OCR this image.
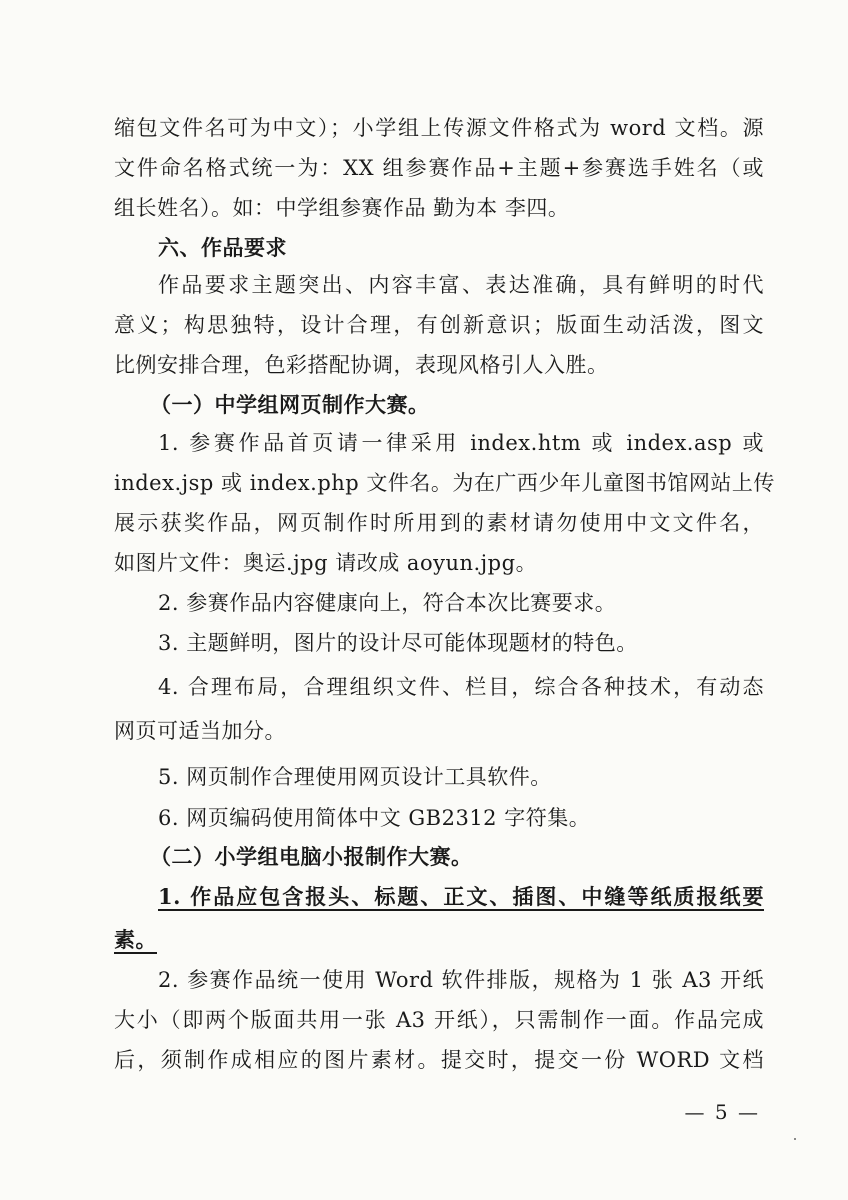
缩包文件名可为中文）；小学组上传源文件格式为 word 文档。源
文件命名格式统一为：XX 组参赛作品+主题+参赛选手姓名（或
组长姓名）。如：中学组参赛作品 勤为本 李四。
六、作品要求
作品要求主题突出、内容丰富、表达准确，具有鲜明的时代
意义；构思独特，设计合理，有创新意识；版面生动活泼，图文
比例安排合理，色彩搭配协调，表现风格引人入胜。
（一）中学组网页制作大赛。
1. 参赛作品首页请一律采用 index.htm 或 index.asp 或
index.jsp 或 index.php 文件名。为在广西少年儿童图书馆网站上传
展示获奖作品，网页制作时所用到的素材请勿使用中文文件名，
如图片文件：奥运.jpg 请改成 aoyun.jpg。
2. 参赛作品内容健康向上，符合本次比赛要求。
3. 主题鲜明，图片的设计尽可能体现题材的特色。
4. 合理布局，合理组织文件、栏目，综合各种技术，有动态
网页可适当加分。
5. 网页制作合理使用网页设计工具软件。
6. 网页编码使用简体中文 GB2312 字符集。
（二）小学组电脑小报制作大赛。
1. 作品应包含报头、标题、正文、插图、中缝等纸质报纸要
素。
2. 参赛作品统一使用 Word 软件排版，规格为 1 张 A3 开纸
大小（即两个版面共用一张 A3 开纸），只需制作一面。作品完成
后，须制作成相应的图片素材。提交时，提交一份 WORD 文档
— 5 —
